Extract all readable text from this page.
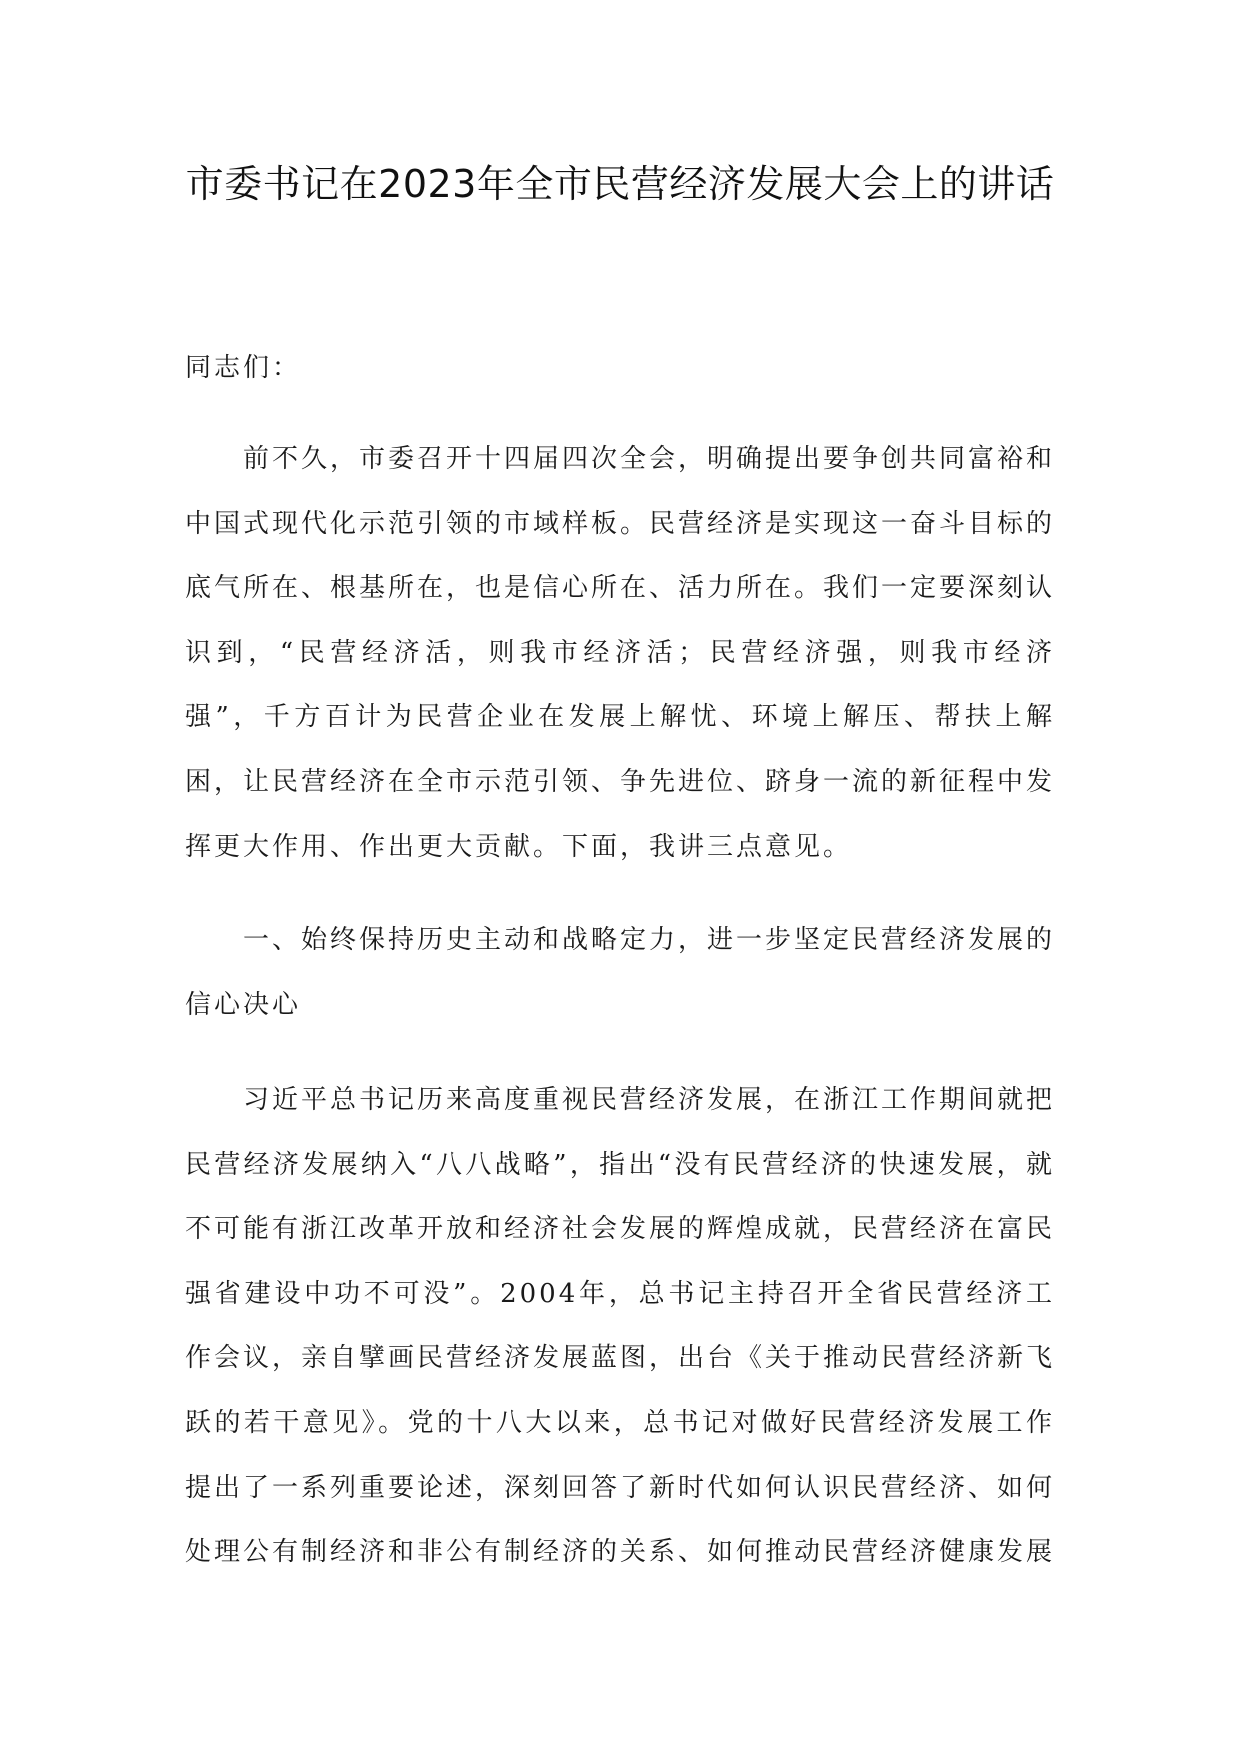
市委书记在2023年全市民营经济发展大会上的讲话

同志们：

前不久，市委召开十四届四次全会，明确提出要争创共同富裕和中国式现代化示范引领的市域样板。民营经济是实现这一奋斗目标的底气所在、根基所在，也是信心所在、活力所在。我们一定要深刻认识到，“民营经济活，则我市经济活；民营经济强，则我市经济强”，千方百计为民营企业在发展上解忧、环境上解压、帮扶上解困，让民营经济在全市示范引领、争先进位、跻身一流的新征程中发挥更大作用、作出更大贡献。下面，我讲三点意见。

一、始终保持历史主动和战略定力，进一步坚定民营经济发展的信心决心

习近平总书记历来高度重视民营经济发展，在浙江工作期间就把民营经济发展纳入“八八战略”，指出“没有民营经济的快速发展，就不可能有浙江改革开放和经济社会发展的辉煌成就，民营经济在富民强省建设中功不可没”。2004年，总书记主持召开全省民营经济工作会议，亲自擘画民营经济发展蓝图，出台《关于推动民营经济新飞跃的若干意见》。党的十八大以来，总书记对做好民营经济发展工作提出了一系列重要论述，深刻回答了新时代如何认识民营经济、如何处理公有制经济和非公有制经济的关系、如何推动民营经济健康发展
